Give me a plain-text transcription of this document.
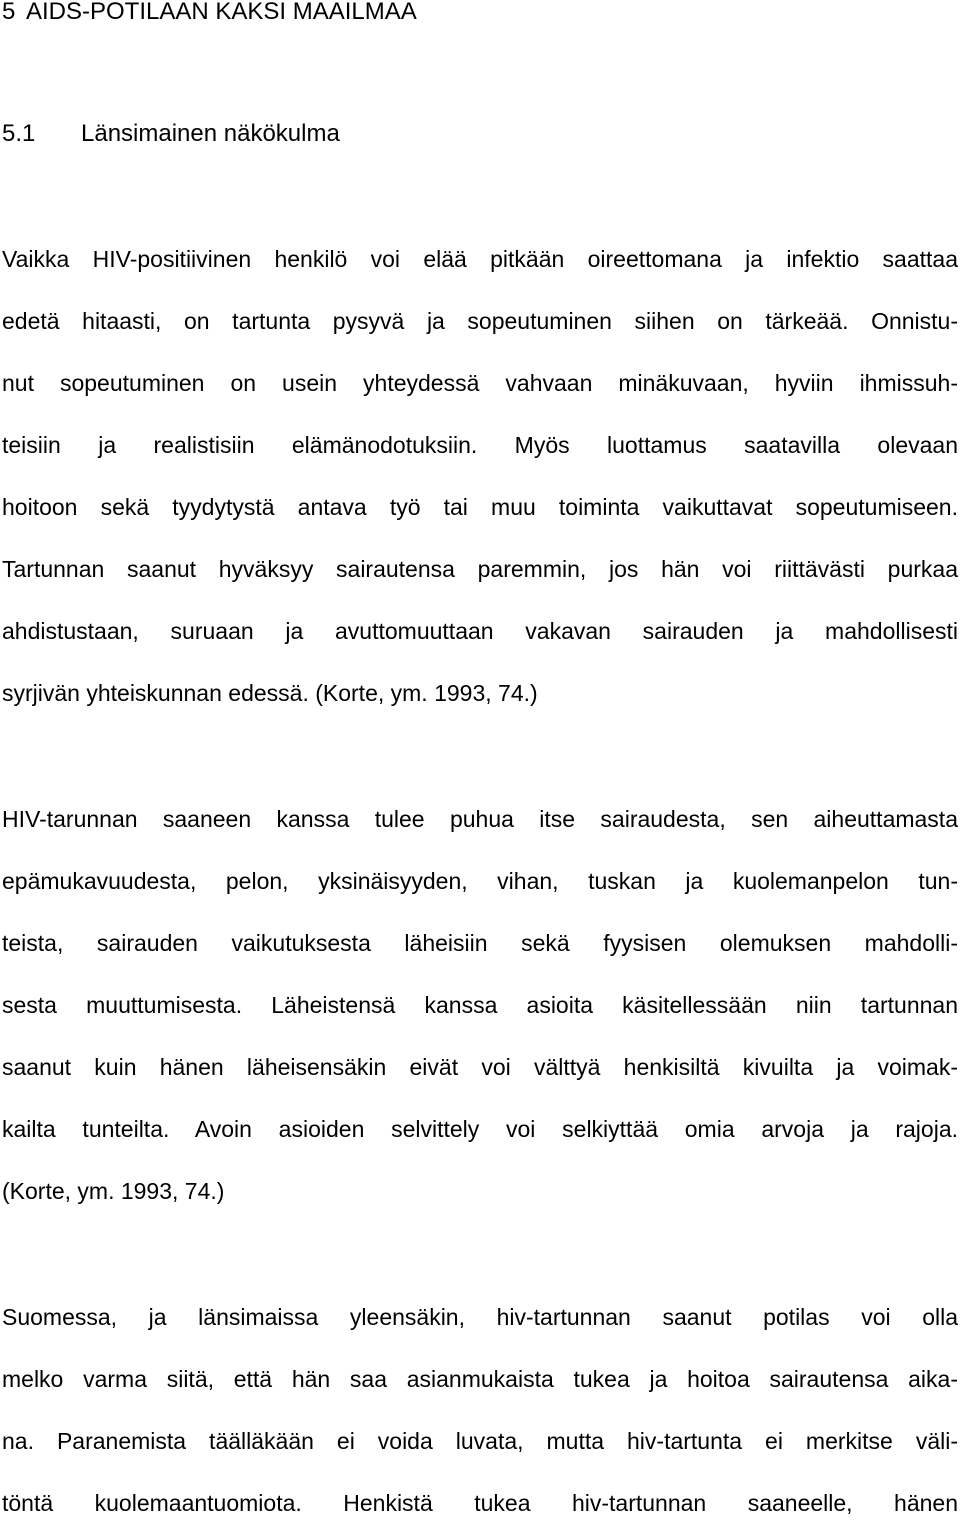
5 AIDS-POTILAAN KAKSI MAAILMAA
5.1 Länsimainen näkökulma
Vaikka HIV-positiivinen henkilö voi elää pitkään oireettomana ja infektio saattaa
edetä hitaasti, on tartunta pysyvä ja sopeutuminen siihen on tärkeää. Onnistu-
nut sopeutuminen on usein yhteydessä vahvaan minäkuvaan, hyviin ihmissuh-
teisiin ja realistisiin elämänodotuksiin. Myös luottamus saatavilla olevaan
hoitoon sekä tyydytystä antava työ tai muu toiminta vaikuttavat sopeutumiseen.
Tartunnan saanut hyväksyy sairautensa paremmin, jos hän voi riittävästi purkaa
ahdistustaan, suruaan ja avuttomuuttaan vakavan sairauden ja mahdollisesti
syrjivän yhteiskunnan edessä. (Korte, ym. 1993, 74.)
HIV-tarunnan saaneen kanssa tulee puhua itse sairaudesta, sen aiheuttamasta
epämukavuudesta, pelon, yksinäisyyden, vihan, tuskan ja kuolemanpelon tun-
teista, sairauden vaikutuksesta läheisiin sekä fyysisen olemuksen mahdolli-
sesta muuttumisesta. Läheistensä kanssa asioita käsitellessään niin tartunnan
saanut kuin hänen läheisensäkin eivät voi välttyä henkisiltä kivuilta ja voimak-
kailta tunteilta. Avoin asioiden selvittely voi selkiyttää omia arvoja ja rajoja.
(Korte, ym. 1993, 74.)
Suomessa, ja länsimaissa yleensäkin, hiv-tartunnan saanut potilas voi olla
melko varma siitä, että hän saa asianmukaista tukea ja hoitoa sairautensa aika-
na. Paranemista täälläkään ei voida luvata, mutta hiv-tartunta ei merkitse väli-
töntä kuolemaantuomiota. Henkistä tukea hiv-tartunnan saaneelle, hänen
